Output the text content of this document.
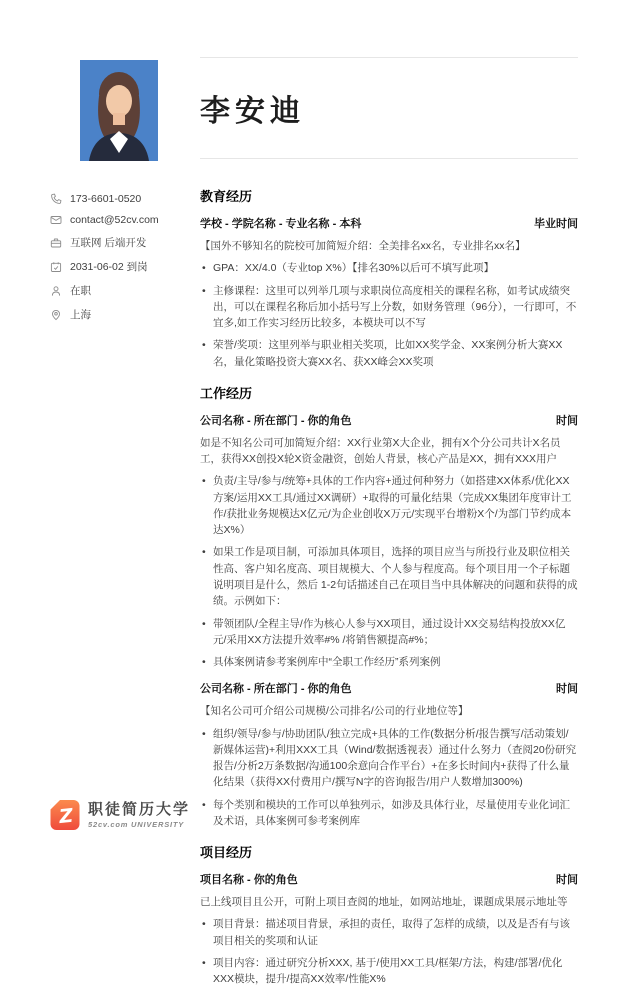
李安迪
173-6601-0520
contact@52cv.com
互联网 后端开发
2031-06-02 到岗
在职
上海
教育经历
学校 - 学院名称 - 专业名称 - 本科	毕业时间

【国外不够知名的院校可加简短介绍：全美排名xx名，专业排名xx名】

• GPA：XX/4.0（专业top X%）【排名30%以后可不填写此项】
• 主修课程：这里可以列举几项与求职岗位高度相关的课程名称，如考试成绩突出，可以在课程名称后加小括号写上分数，如财务管理（96分），一行即可，不宜多,如工作实习经历比较多，本模块可以不写
• 荣誉/奖项：这里列举与职业相关奖项，比如XX奖学金、XX案例分析大赛XX名，量化策略投资大赛XX名、获XX峰会XX奖项
工作经历
公司名称 - 所在部门 - 你的角色	时间

如是不知名公司可加简短介绍：XX行业第X大企业，拥有X个分公司共计X名员工，获得XX创投X轮X资金融资，创始人背景，核心产品是XX，拥有XXX用户

• 负责/主导/参与/统筹+具体的工作内容+通过何种努力（如搭建XX体系/优化XX方案/运用XX工具/通过XX调研）+取得的可量化结果（完成XX集团年度审计工作/获批业务规模达X亿元/为企业创收X万元/实现平台增粉X个/为部门节约成本达X%）
• 如果工作是项目制，可添加具体项目，选择的项目应当与所投行业及职位相关性高、客户知名度高、项目规模大、个人参与程度高。每个项目用一个子标题说明项目是什么，然后 1-2句话描述自己在项目当中具体解决的问题和获得的成绩。示例如下：
• 带领团队/全程主导/作为核心人参与XX项目，通过设计XX交易结构投放XX亿元/采用XX方法提升效率#% /将销售额提高#%；
• 具体案例请参考案例库中“全职工作经历”系列案例
公司名称 - 所在部门 - 你的角色	时间

【知名公司可介绍公司规模/公司排名/公司的行业地位等】

• 组织/领导/参与/协助团队/独立完成+具体的工作(数据分析/报告撰写/活动策划/新媒体运营)+利用XXX工具（Wind/数据透视表）通过什么努力（查阅20份研究报告/分析2万条数据/沟通100余意向合作平台）+在多长时间内+获得了什么量化结果（获得XX付费用户/撰写N字的咨询报告/用户人数增加300%)
• 每个类别和模块的工作可以单独列示，如涉及具体行业，尽量使用专业化词汇及术语，具体案例可参考案例库
项目经历
项目名称 - 你的角色	时间

已上线项目且公开，可附上项目查阅的地址，如网站地址，课题成果展示地址等

• 项目背景：描述项目背景，承担的责任，取得了怎样的成绩，以及是否有与该项目相关的奖项和认证
• 项目内容：通过研究分析XXX, 基于/使用XX工具/框架/方法，构建/部署/优化XXX模块，提升/提高XX效率/性能X%
Z 职徒简历大学
52cv.com UNIVERSITY
